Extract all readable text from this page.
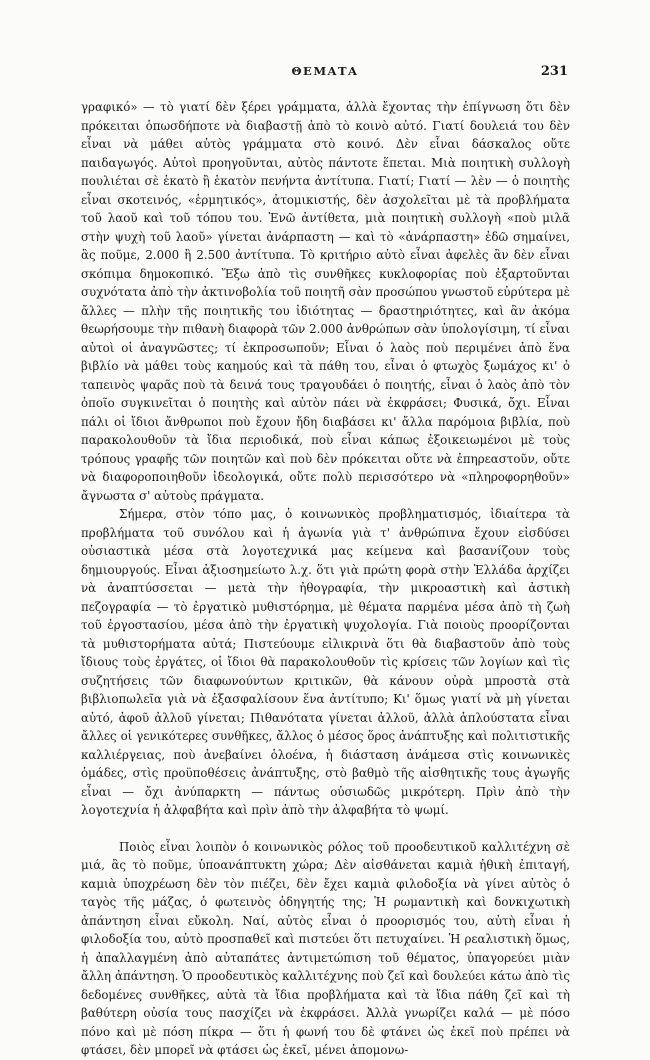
ΘΕΜΑΤΑ	231

γραφικό» — τὸ γιατί δὲν ξέρει γράμματα, ἀλλὰ ἔχοντας τὴν ἐπίγνωση ὅτι δὲν πρόκειται ὁπωσδήποτε νὰ διαβαστῇ ἀπὸ τὸ κοινὸ αὐτό. Γιατί δουλειά του δὲν εἶναι νὰ μάθει αὐτὸς γράμματα στὸ κοινό. Δὲν εἶναι δάσκαλος οὔτε παιδαγωγός. Αὐτοὶ προηγοῦνται, αὐτὸς πάντοτε ἕπεται. Μιὰ ποιητικὴ συλλογὴ πουλιέται σὲ ἑκατὸ ἢ ἑκατὸν πενήντα ἀντίτυπα. Γιατί; Γιατί — λὲν — ὁ ποιητὴς εἶναι σκοτεινός, «ἑρμητικός», ἀτομικιστής, δὲν ἀσχολεῖται μὲ τὰ προβλήματα τοῦ λαοῦ καὶ τοῦ τόπου του. Ἐνῶ ἀντίθετα, μιὰ ποιητικὴ συλλογὴ «ποὺ μιλᾶ στὴν ψυχὴ τοῦ λαοῦ» γίνεται ἀνάρπαστη — καὶ τὸ «ἀνάρπαστη» ἐδῶ σημαίνει, ἂς ποῦμε, 2.000 ἢ 2.500 ἀντίτυπα. Τὸ κριτήριο αὐτὸ εἶναι ἀφελὲς ἂν δὲν εἶναι σκόπιμα δημοκοπικό. Ἔξω ἀπὸ τὶς συνθῆκες κυκλοφορίας ποὺ ἐξαρτοῦνται συχνότατα ἀπὸ τὴν ἀκτινοβολία τοῦ ποιητῆ σὰν προσώπου γνωστοῦ εὐρύτερα μὲ ἄλλες — πλὴν τῆς ποιητικῆς του ἰδιότητας — δραστηριότητες, καὶ ἂν ἀκόμα θεωρήσουμε τὴν πιθανὴ διαφορὰ τῶν 2.000 ἀνθρώπων σὰν ὑπολογίσιμη, τί εἶναι αὐτοὶ οἱ ἀναγνῶστες; τί ἐκπροσωποῦν; Εἶναι ὁ λαὸς ποὺ περιμένει ἀπὸ ἕνα βιβλίο νὰ μάθει τοὺς καημούς καὶ τὰ πάθη του, εἶναι ὁ φτωχὸς ξωμάχος κι' ὁ ταπεινὸς ψαρᾶς ποὺ τὰ δεινά τους τραγουδάει ὁ ποιητής, εἶναι ὁ λαὸς ἀπὸ τὸν ὁποῖο συγκινεῖται ὁ ποιητὴς καὶ αὐτὸν πάει νὰ ἐκφράσει; Φυσικά, ὄχι. Εἶναι πάλι οἱ ἴδιοι ἄνθρωποι ποὺ ἔχουν ἤδη διαβάσει κι' ἄλλα παρόμοια βιβλία, ποὺ παρακολουθοῦν τὰ ἴδια περιοδικά, ποὺ εἶναι κάπως ἐξοικειωμένοι μὲ τοὺς τρόπους γραφῆς τῶν ποιητῶν καὶ ποὺ δὲν πρόκειται οὔτε νὰ ἐπηρεαστοῦν, οὔτε νὰ διαφοροποιηθοῦν ἰδεολογικά, οὔτε πολὺ περισσότερο νὰ «πληροφορηθοῦν» ἄγνωστα σ' αὐτοὺς πράγματα.

Σήμερα, στὸν τόπο μας, ὁ κοινωνικὸς προβληματισμός, ἰδιαίτερα τὰ προβλήματα τοῦ συνόλου καὶ ἡ ἀγωνία γιὰ τ' ἀνθρώπινα ἔχουν εἰσδύσει οὐσιαστικὰ μέσα στὰ λογοτεχνικά μας κείμενα καὶ βασανίζουν τοὺς δημιουργούς. Εἶναι ἀξιοσημείωτο λ.χ. ὅτι γιὰ πρώτη φορὰ στὴν Ἑλλάδα ἀρχίζει νὰ ἀναπτύσσεται — μετὰ τὴν ἠθογραφία, τὴν μικροαστικὴ καὶ ἀστικὴ πεζογραφία — τὸ ἐργατικὸ μυθιστόρημα, μὲ θέματα παρμένα μέσα ἀπὸ τὴ ζωὴ τοῦ ἐργοστασίου, μέσα ἀπὸ τὴν ἐργατικὴ ψυχολογία. Γιὰ ποιοὺς προορίζονται τὰ μυθιστορήματα αὐτά; Πιστεύουμε εἰλικρινὰ ὅτι θὰ διαβαστοῦν ἀπὸ τοὺς ἴδιους τοὺς ἐργάτες, οἱ ἴδιοι θὰ παρακολουθοῦν τὶς κρίσεις τῶν λογίων καὶ τὶς συζητήσεις τῶν διαφωνούντων κριτικῶν, θὰ κάνουν οὐρὰ μπροστὰ στὰ βιβλιοπωλεῖα γιὰ νὰ ἐξασφαλίσουν ἕνα ἀντίτυπο; Κι' ὅμως γιατί νὰ μὴ γίνεται αὐτό, ἀφοῦ ἀλλοῦ γίνεται; Πιθανότατα γίνεται ἀλλοῦ, ἀλλὰ ἁπλούστατα εἶναι ἄλλες οἱ γενικότερες συνθῆκες, ἄλλος ὁ μέσος ὅρος ἀνάπτυξης καὶ πολιτιστικῆς καλλιέργειας, ποὺ ἀνεβαίνει ὁλοένα, ἡ διάσταση ἀνάμεσα στὶς κοινωνικὲς ὁμάδες, στὶς προϋποθέσεις ἀνάπτυξης, στὸ βαθμὸ τῆς αἰσθητικῆς τους ἀγωγῆς εἶναι — ὄχι ἀνύπαρκτη — πάντως οὐσιωδῶς μικρότερη. Πρὶν ἀπὸ τὴν λογοτεχνία ἡ ἀλφαβήτα καὶ πρὶν ἀπὸ τὴν ἀλφαβήτα τὸ ψωμί.

Ποιὸς εἶναι λοιπὸν ὁ κοινωνικὸς ρόλος τοῦ προοδευτικοῦ καλλιτέχνη σὲ μιά, ἂς τὸ ποῦμε, ὑποανάπτυκτη χώρα; Δὲν αἰσθάνεται καμιὰ ἠθικὴ ἐπιταγή, καμιὰ ὑποχρέωση δὲν τὸν πιέζει, δὲν ἔχει καμιὰ φιλοδοξία νὰ γίνει αὐτὸς ὁ ταγὸς τῆς μάζας, ὁ φωτεινὸς ὁδηγητής της; Ἡ ρωμαντικὴ καὶ δονκιχωτικὴ ἀπάντηση εἶναι εὔκολη. Ναί, αὐτὸς εἶναι ὁ προορισμός του, αὐτὴ εἶναι ἡ φιλοδοξία του, αὐτὸ προσπαθεῖ καὶ πιστεύει ὅτι πετυχαίνει. Ἡ ρεαλιστικὴ ὅμως, ἡ ἀπαλλαγμένη ἀπὸ αὐταπάτες ἀντιμετώπιση τοῦ θέματος, ὑπαγορεύει μιὰν ἄλλη ἀπάντηση. Ὁ προοδευτικὸς καλλιτέχνης ποὺ ζεῖ καὶ δουλεύει κάτω ἀπὸ τὶς δεδομένες συνθῆκες, αὐτὰ τὰ ἴδια προβλήματα καὶ τὰ ἴδια πάθη ζεῖ καὶ τὴ βαθύτερη οὐσία τους πασχίζει νὰ ἐκφράσει. Ἀλλὰ γνωρίζει καλά — μὲ πόσο πόνο καὶ μὲ πόση πίκρα — ὅτι ἡ φωνή του δὲ φτάνει ὡς ἐκεῖ ποὺ πρέπει νὰ φτάσει, δὲν μπορεῖ νὰ φτάσει ὡς ἐκεῖ, μένει ἀπομονω-
